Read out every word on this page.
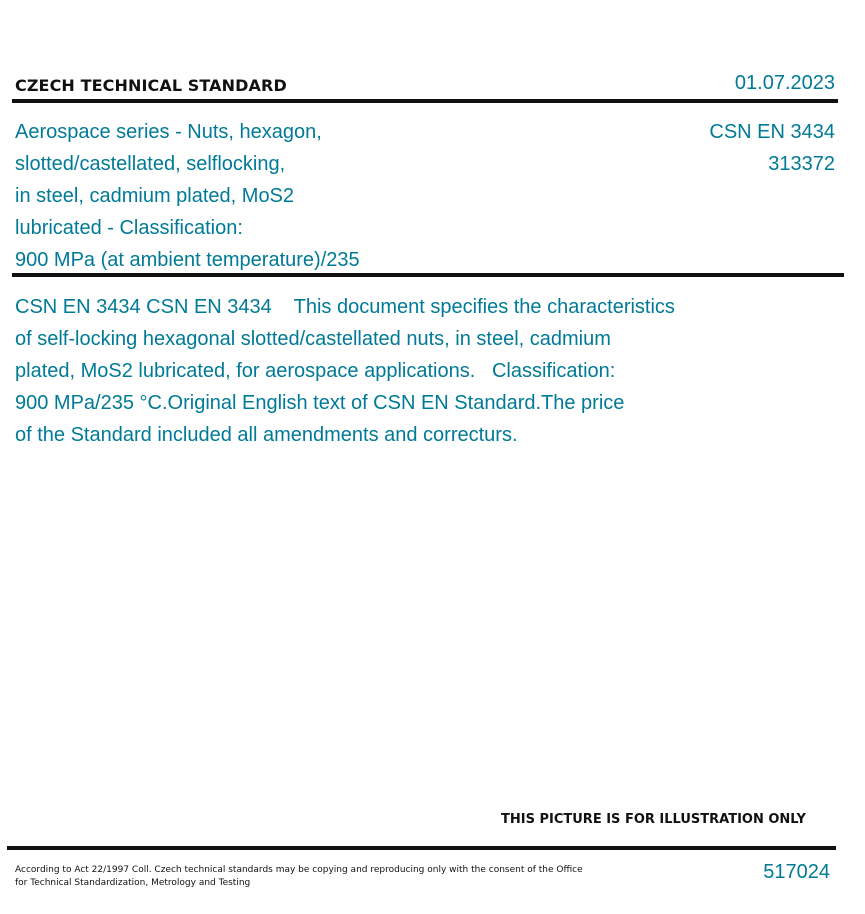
CZECH TECHNICAL STANDARD	01.07.2023
Aerospace series - Nuts, hexagon,
slotted/castellated, selflocking,
in steel, cadmium plated, MoS2
lubricated - Classification:
900 MPa (at ambient temperature)/235
CSN EN 3434
313372
CSN EN 3434 CSN EN 3434    This document specifies the characteristics
of self-locking hexagonal slotted/castellated nuts, in steel, cadmium
plated, MoS2 lubricated, for aerospace applications.   Classification:
900 MPa/235 °C.Original English text of CSN EN Standard.The price
of the Standard included all amendments and correcturs.
THIS PICTURE IS FOR ILLUSTRATION ONLY
According to Act 22/1997 Coll. Czech technical standards may be copying and reproducing only with the consent of the Office
for Technical Standardization, Metrology and Testing	517024
